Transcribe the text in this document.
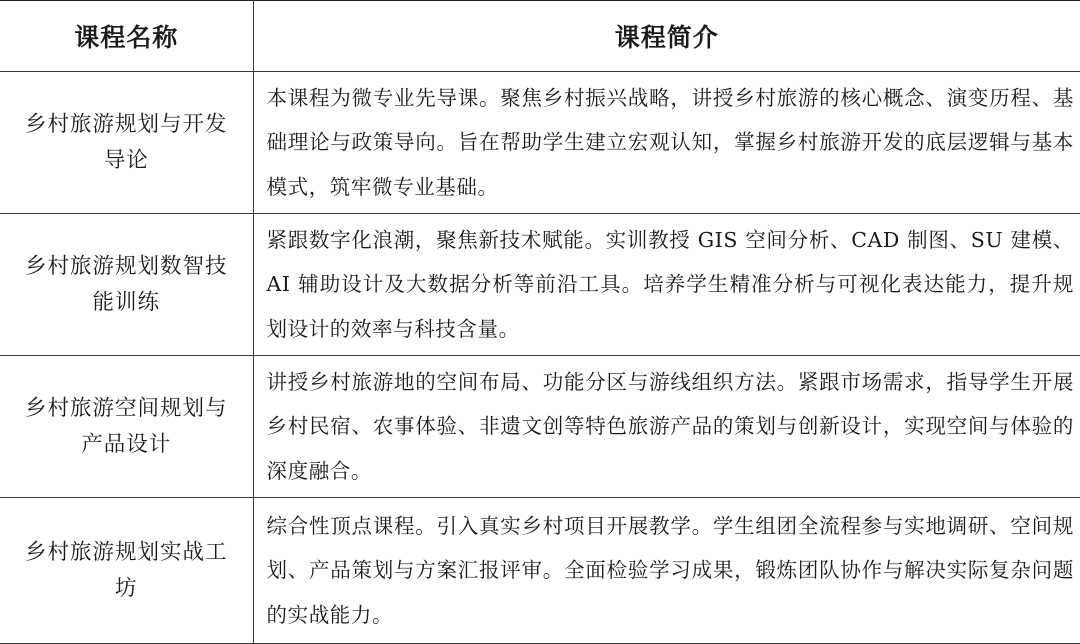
课程名称	课程简介
乡村旅游规划与开发导论	本课程为微专业先导课。聚焦乡村振兴战略，讲授乡村旅游的核心概念、演变历程、基础理论与政策导向。旨在帮助学生建立宏观认知，掌握乡村旅游开发的底层逻辑与基本模式，筑牢微专业基础。
乡村旅游规划数智技能训练	紧跟数字化浪潮，聚焦新技术赋能。实训教授 GIS 空间分析、CAD 制图、SU 建模、AI 辅助设计及大数据分析等前沿工具。培养学生精准分析与可视化表达能力，提升规划设计的效率与科技含量。
乡村旅游空间规划与产品设计	讲授乡村旅游地的空间布局、功能分区与游线组织方法。紧跟市场需求，指导学生开展乡村民宿、农事体验、非遗文创等特色旅游产品的策划与创新设计，实现空间与体验的深度融合。
乡村旅游规划实战工坊	综合性顶点课程。引入真实乡村项目开展教学。学生组团全流程参与实地调研、空间规划、产品策划与方案汇报评审。全面检验学习成果，锻炼团队协作与解决实际复杂问题的实战能力。
